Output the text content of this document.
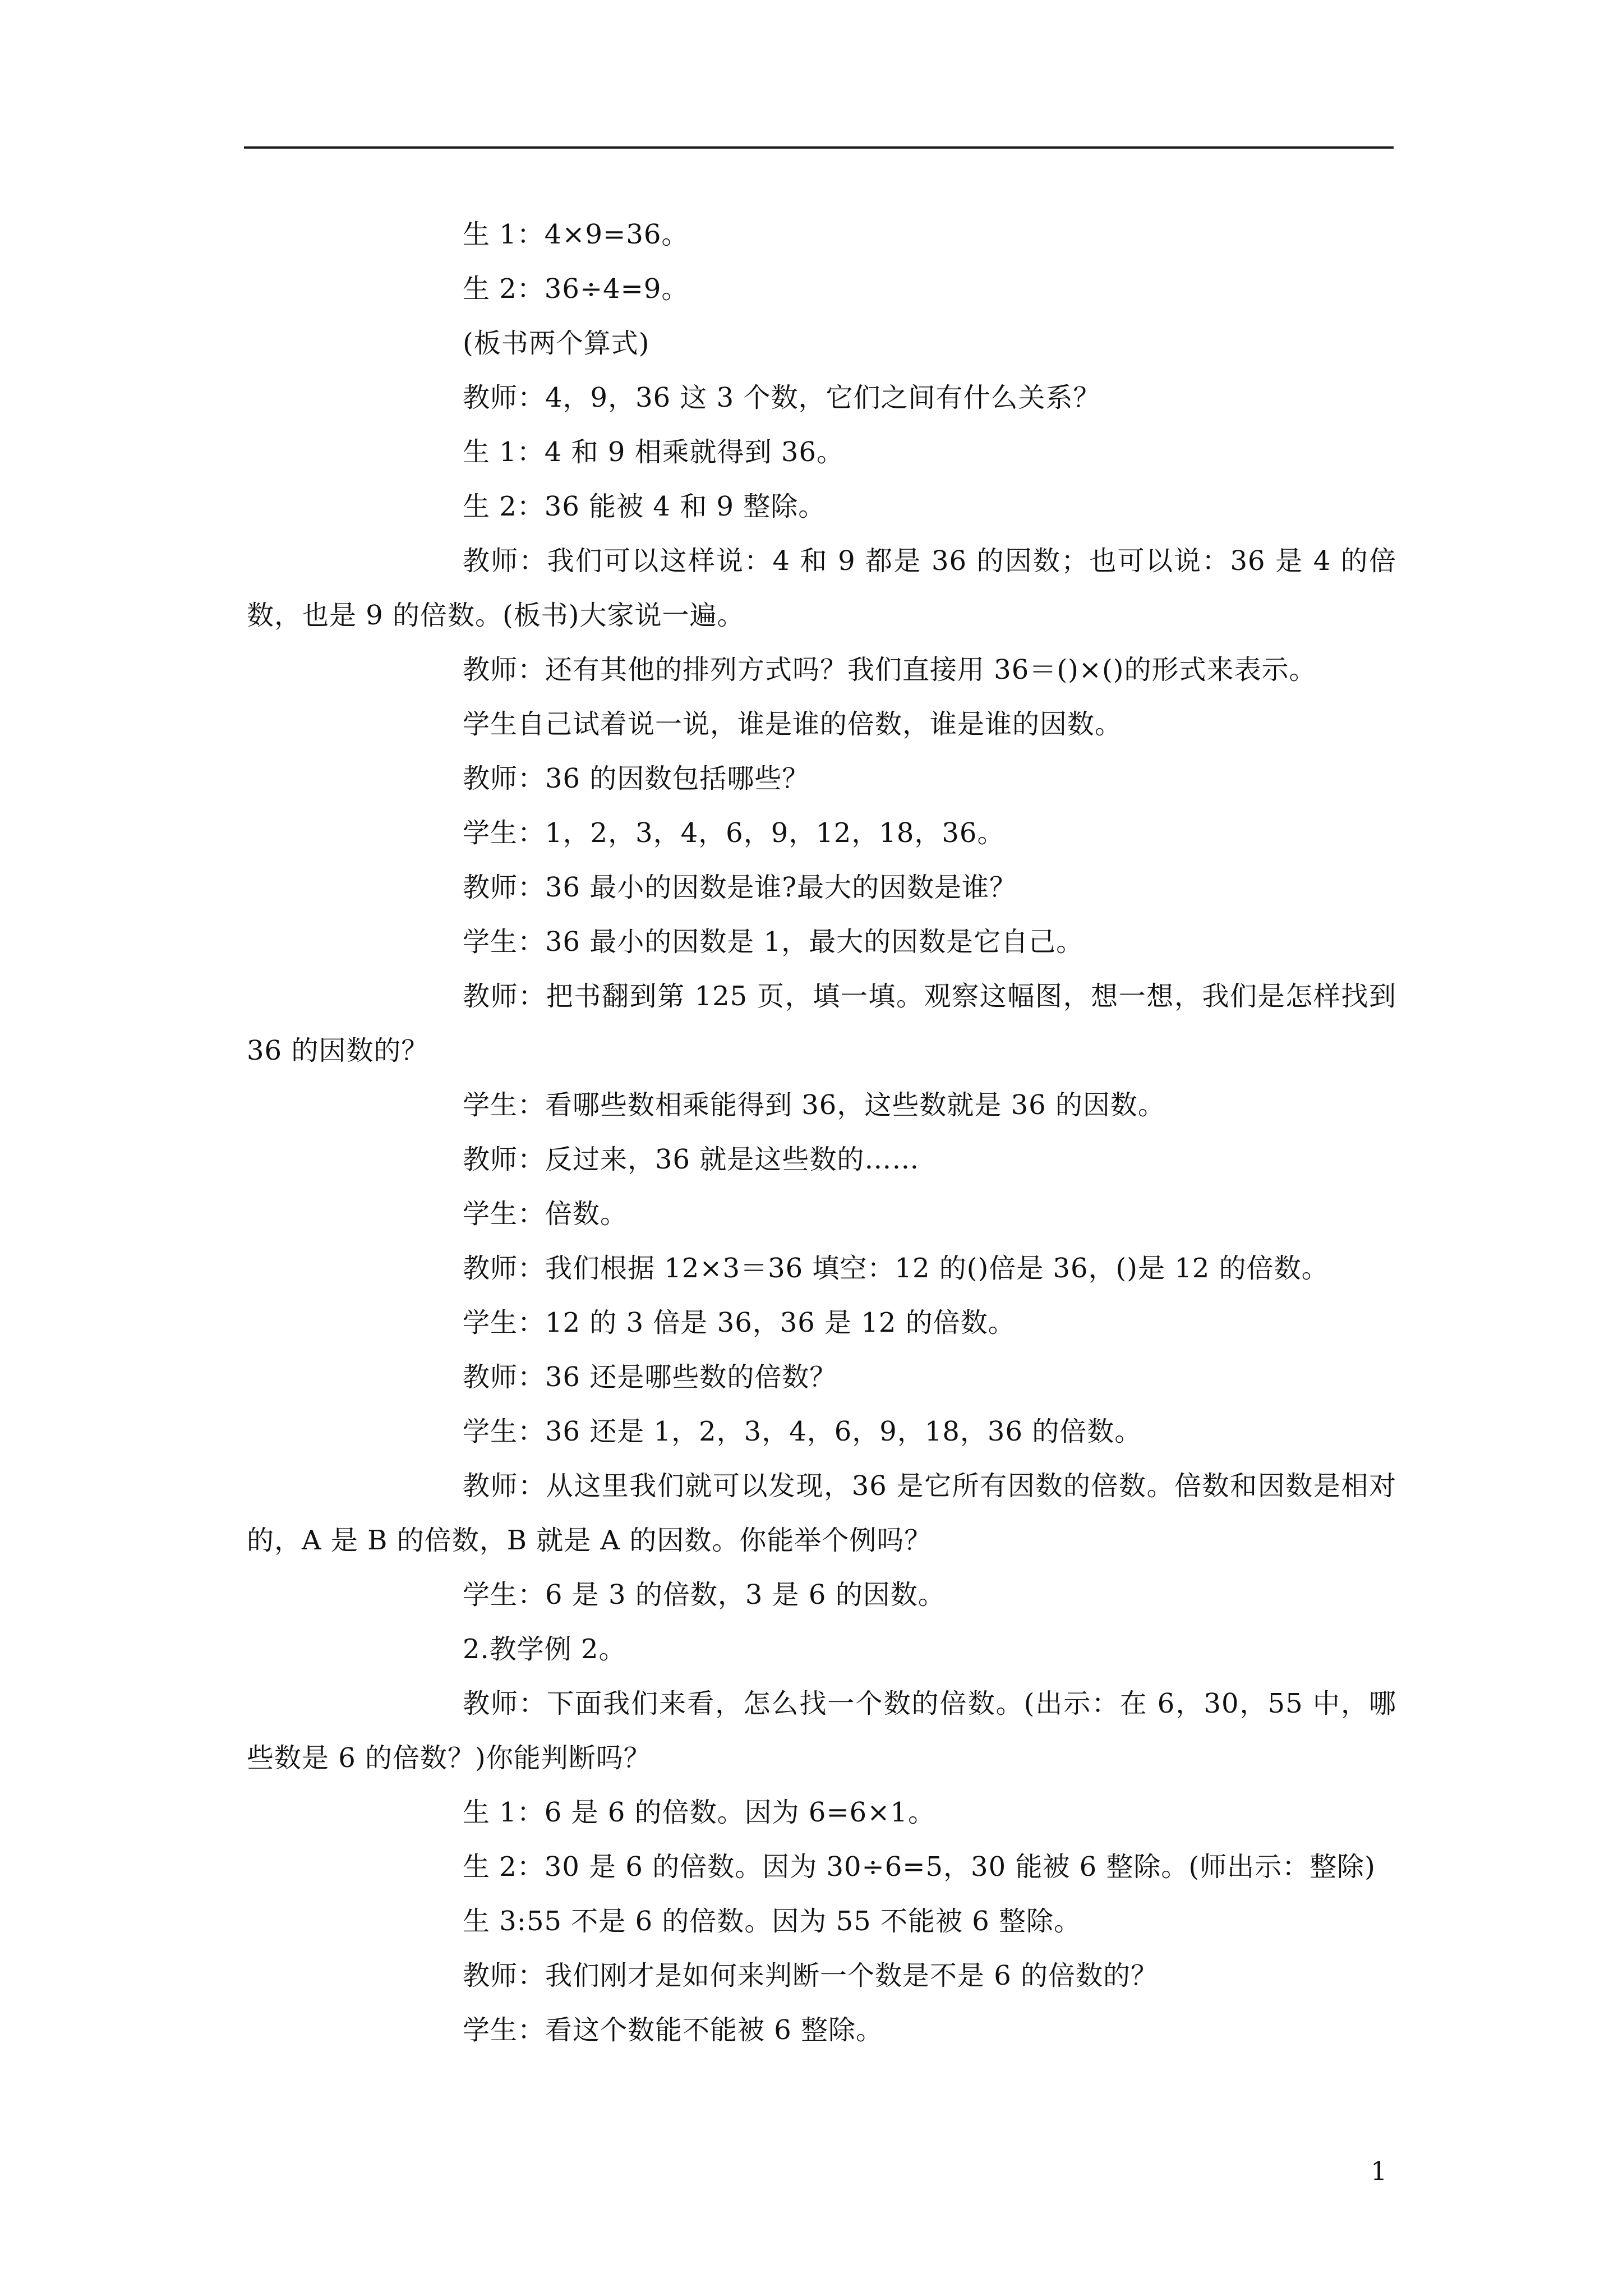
生 1：4×9=36。

生 2：36÷4=9。

(板书两个算式)

教师：4，9，36 这 3 个数，它们之间有什么关系？

生 1：4 和 9 相乘就得到 36。

生 2：36 能被 4 和 9 整除。

教师：我们可以这样说：4 和 9 都是 36 的因数；也可以说：36 是 4 的倍数，也是 9 的倍数。(板书)大家说一遍。

教师：还有其他的排列方式吗？我们直接用 36＝()×()的形式来表示。

学生自己试着说一说，谁是谁的倍数，谁是谁的因数。

教师：36 的因数包括哪些？

学生：1，2，3，4，6，9，12，18，36。

教师：36 最小的因数是谁?最大的因数是谁？

学生：36 最小的因数是 1，最大的因数是它自己。

教师：把书翻到第 125 页，填一填。观察这幅图，想一想，我们是怎样找到 36 的因数的？

学生：看哪些数相乘能得到 36，这些数就是 36 的因数。

教师：反过来，36 就是这些数的……

学生：倍数。

教师：我们根据 12×3＝36 填空：12 的()倍是 36，()是 12 的倍数。

学生：12 的 3 倍是 36，36 是 12 的倍数。

教师：36 还是哪些数的倍数？

学生：36 还是 1，2，3，4，6，9，18，36 的倍数。

教师：从这里我们就可以发现，36 是它所有因数的倍数。倍数和因数是相对的，A 是 B 的倍数，B 就是 A 的因数。你能举个例吗？

学生：6 是 3 的倍数，3 是 6 的因数。

2.教学例 2。

教师：下面我们来看，怎么找一个数的倍数。(出示：在 6，30，55 中，哪些数是 6 的倍数？)你能判断吗？

生 1：6 是 6 的倍数。因为 6=6×1。

生 2：30 是 6 的倍数。因为 30÷6=5，30 能被 6 整除。(师出示：整除)

生 3:55 不是 6 的倍数。因为 55 不能被 6 整除。

教师：我们刚才是如何来判断一个数是不是 6 的倍数的？

学生：看这个数能不能被 6 整除。

1
